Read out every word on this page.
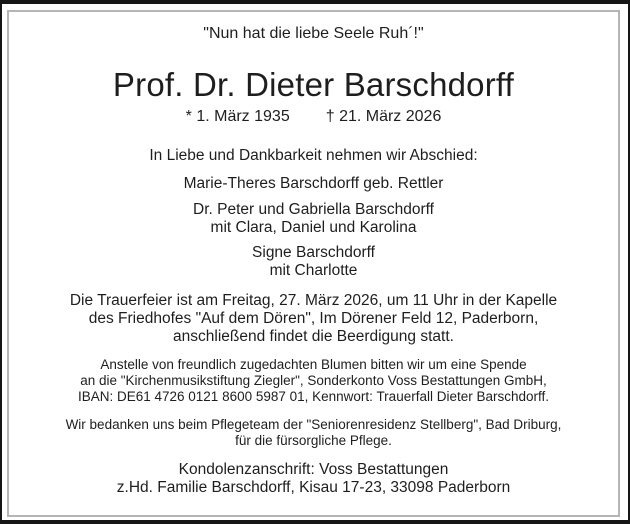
"Nun hat die liebe Seele Ruh´!"
Prof. Dr. Dieter Barschdorff
* 1. März 1935 † 21. März 2026
In Liebe und Dankbarkeit nehmen wir Abschied:
Marie-Theres Barschdorff geb. Rettler
Dr. Peter und Gabriella Barschdorff
mit Clara, Daniel und Karolina
Signe Barschdorff
mit Charlotte
Die Trauerfeier ist am Freitag, 27. März 2026, um 11 Uhr in der Kapelle
des Friedhofes "Auf dem Dören", Im Dörener Feld 12, Paderborn,
anschließend findet die Beerdigung statt.
Anstelle von freundlich zugedachten Blumen bitten wir um eine Spende
an die "Kirchenmusikstiftung Ziegler", Sonderkonto Voss Bestattungen GmbH,
IBAN: DE61 4726 0121 8600 5987 01, Kennwort: Trauerfall Dieter Barschdorff.
Wir bedanken uns beim Pflegeteam der "Seniorenresidenz Stellberg", Bad Driburg,
für die fürsorgliche Pflege.
Kondolenzanschrift: Voss Bestattungen
z.Hd. Familie Barschdorff, Kisau 17-23, 33098 Paderborn
